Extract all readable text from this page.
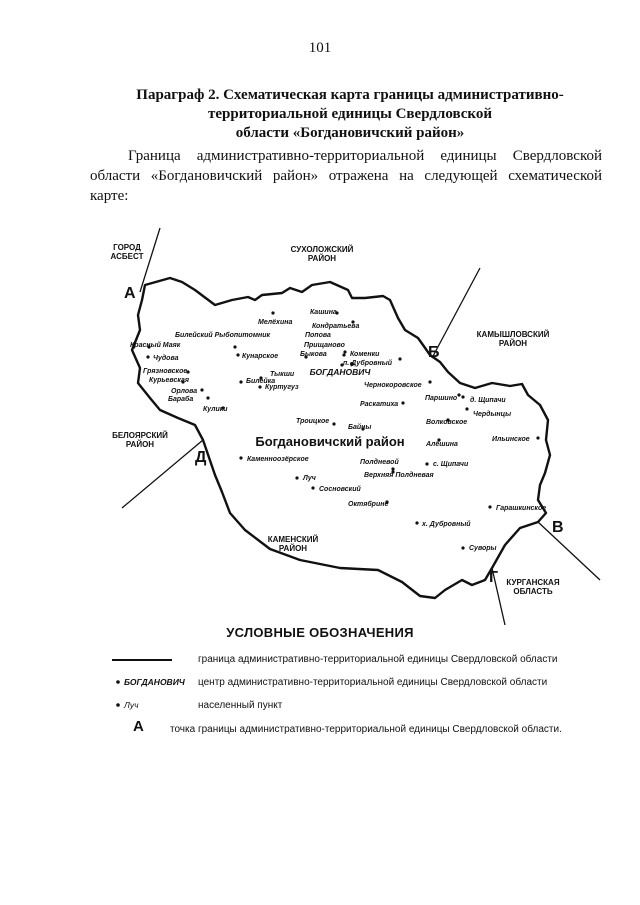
101
Параграф 2. Схематическая карта границы административно-
территориальной единицы Свердловской
области «Богдановичский район»
Граница административно-территориальной единицы Свердловской области «Богдановичский район» отражена на следующей схематической карте:
ГОРОД
АСБЕСТ
СУХОЛОЖСКИЙ
РАЙОН
КАМЫШЛОВСКИЙ
РАЙОН
БЕЛОЯРСКИЙ
РАЙОН
КАМЕНСКИЙ
РАЙОН
КУРГАНСКАЯ
ОБЛАСТЬ
А
Б
В
Г
Д
Богдановичский район
БОГДАНОВИЧ
Мелёхина
Кашина
Кондратьева
Билейский Рыбопитомник	Попова
Красный Маяк	Прищаново
Кунарское	Быкова	Коменки
п. Дубровный
Чудова
Грязновское	Тыкши
Билейка
Курьевская
Куртугуз
Орлова
Бараба
Чернокоровское
Кулики
Паршино д. Щипачи
Раскатиха
Чердынцы
Волковское
Троицкое
Байны
Ильинское
Алёшина
Каменноозёрское	Полдневой	с. Щипачи
Верхняя Полдневая
Луч
Сосновский
Октябрине
Гарашкинское
х. Дубровный
Суворы
УСЛОВНЫЕ ОБОЗНАЧЕНИЯ
граница административно-территориальной единицы Свердловской области
БОГДАНОВИЧ центр административно-территориальной единицы Свердловской области
Луч	населенный пункт
А	точка границы административно-территориальной единицы Свердловской области.
